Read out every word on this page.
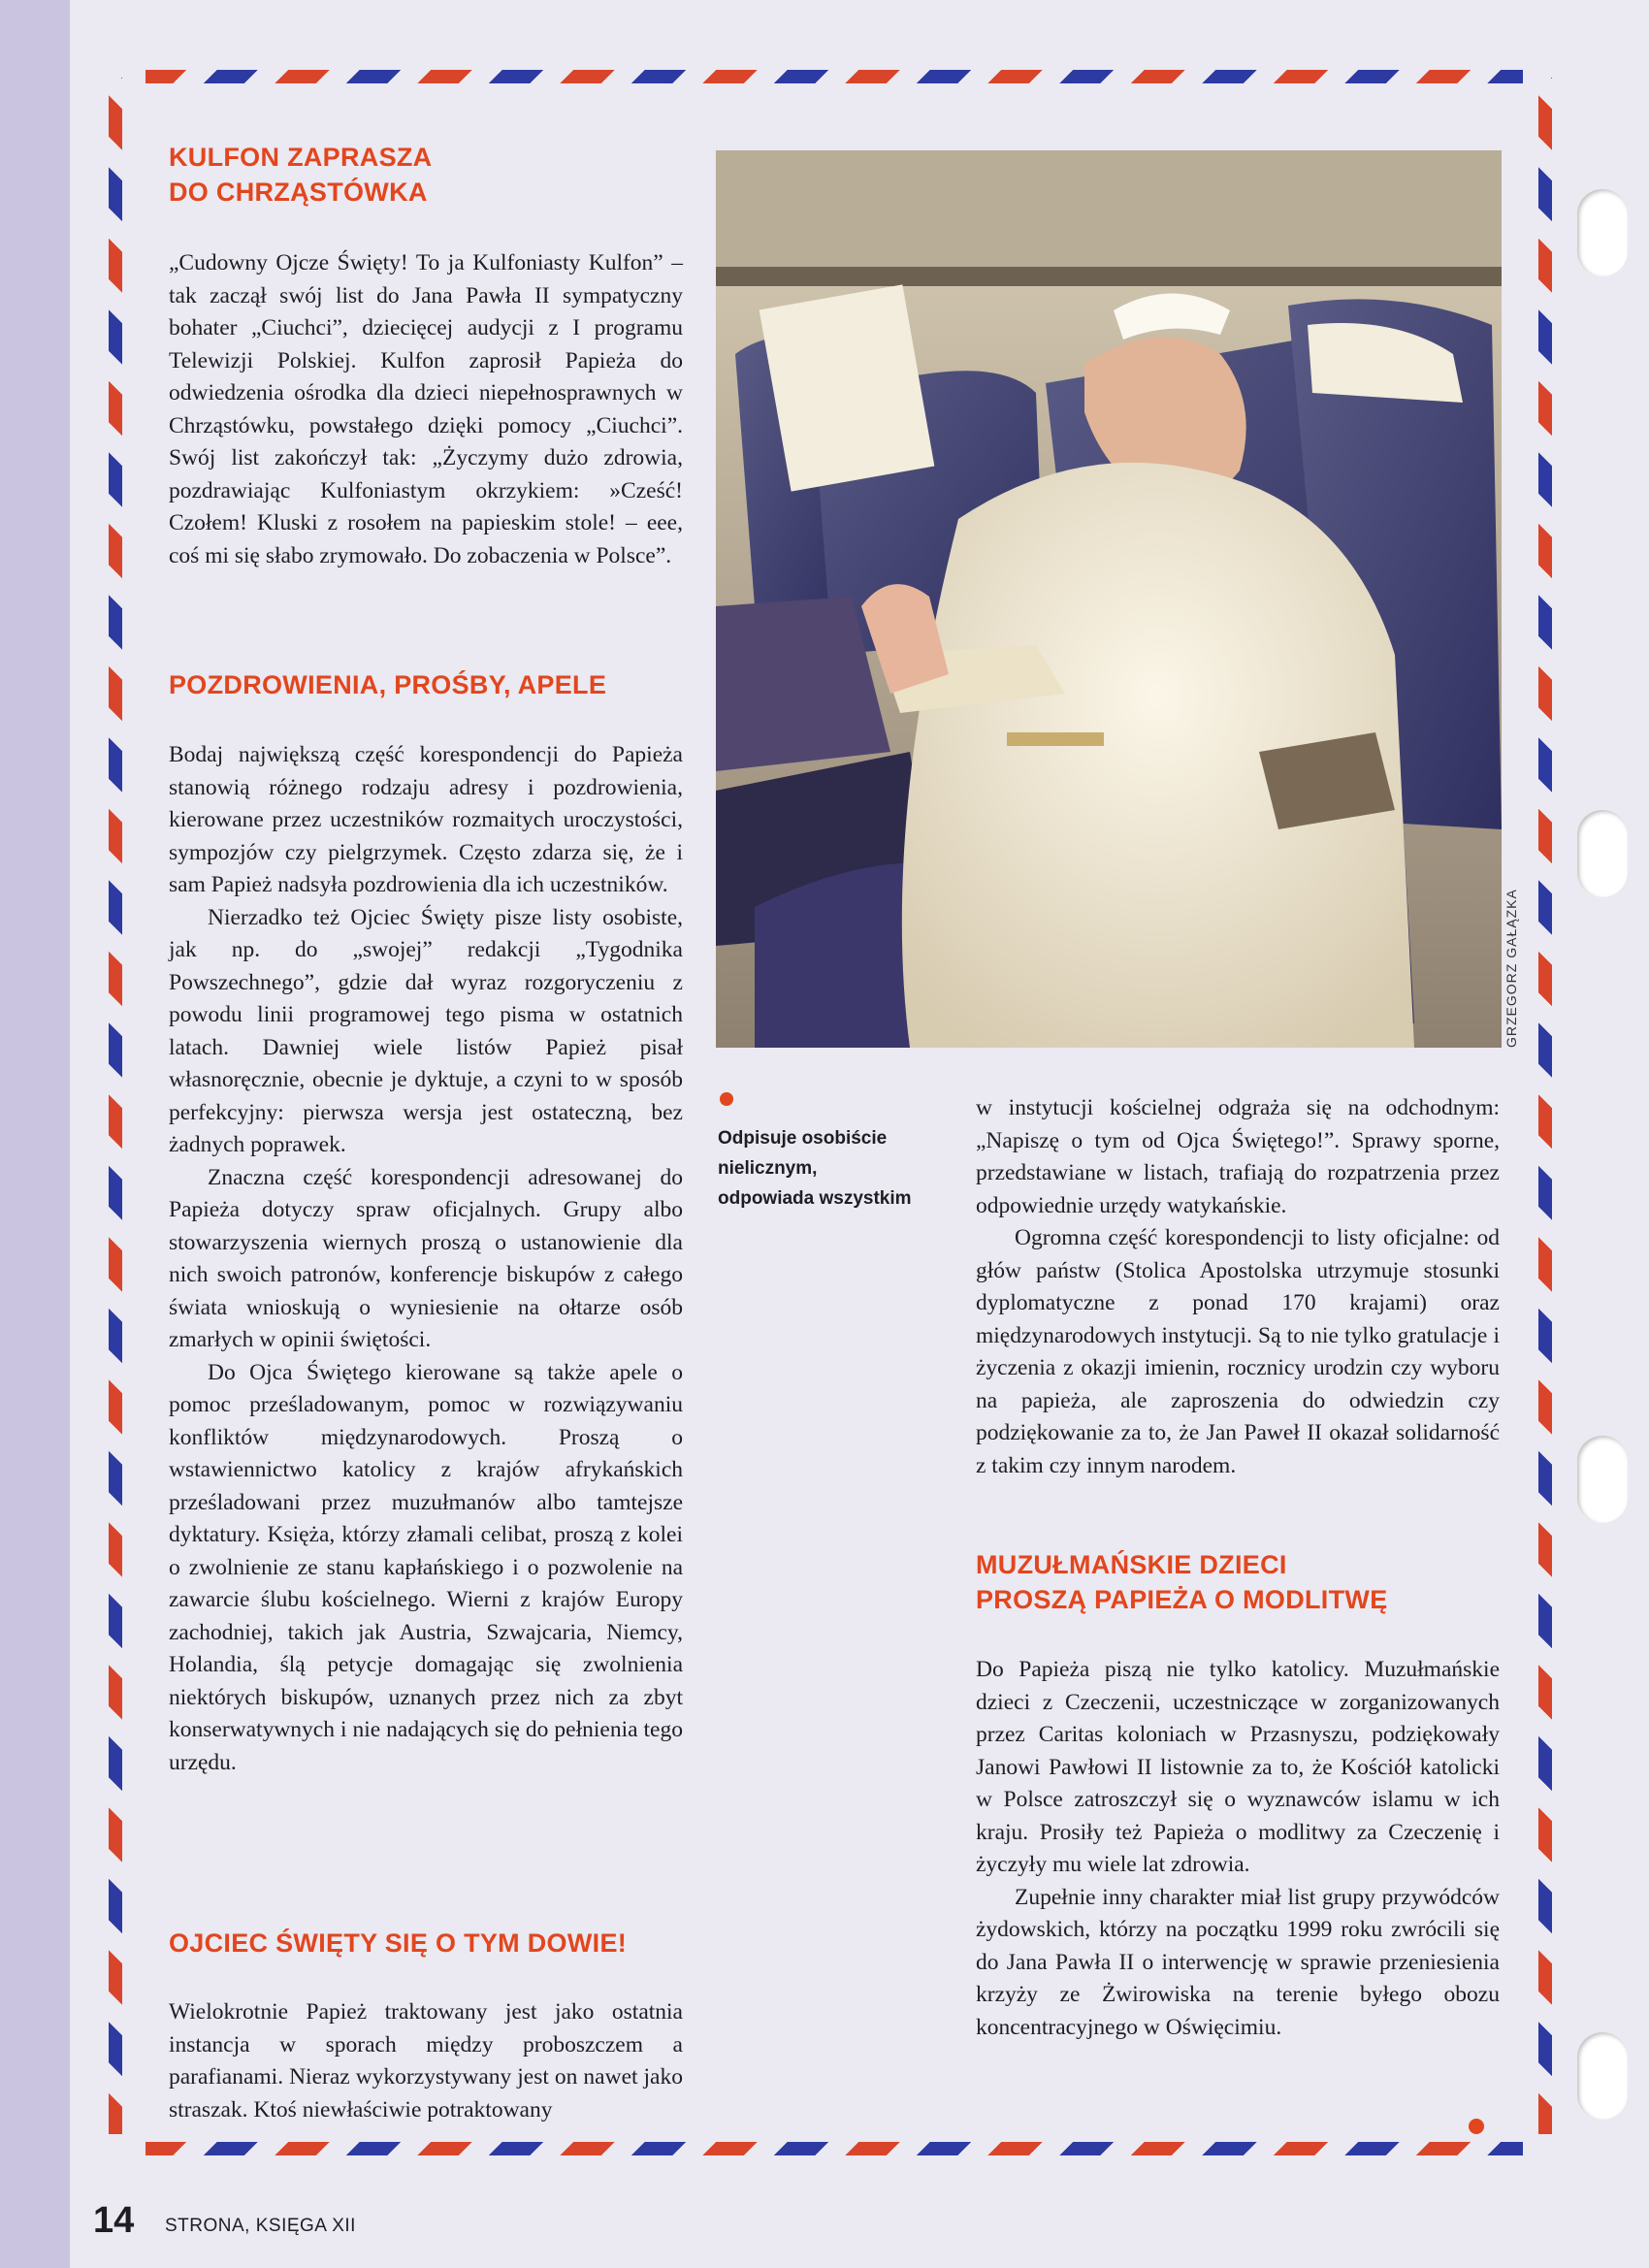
KULFON ZAPRASZA
DO CHRZĄSTÓWKA

„Cudowny Ojcze Święty! To ja Kulfoniasty Kulfon” – tak zaczął swój list do Jana Pawła II sympatyczny bohater „Ciuchci”, dziecięcej audycji z I programu Telewizji Polskiej. Kulfon zaprosił Papieża do odwiedzenia ośrodka dla dzieci niepełnosprawnych w Chrząstówku, powstałego dzięki pomocy „Ciuchci”. Swój list zakończył tak: „Życzymy dużo zdrowia, pozdrawiając Kulfoniastym okrzykiem: »Cześć! Czołem! Kluski z rosołem na papieskim stole! – eee, coś mi się słabo zrymowało. Do zobaczenia w Polsce”.

POZDROWIENIA, PROŚBY, APELE

Bodaj największą część korespondencji do Papieża stanowią różnego rodzaju adresy i pozdrowienia, kierowane przez uczestników rozmaitych uroczystości, sympozjów czy pielgrzymek. Często zdarza się, że i sam Papież nadsyła pozdrowienia dla ich uczestników.

Nierzadko też Ojciec Święty pisze listy osobiste, jak np. do „swojej” redakcji „Tygodnika Powszechnego”, gdzie dał wyraz rozgoryczeniu z powodu linii programowej tego pisma w ostatnich latach. Dawniej wiele listów Papież pisał własnoręcznie, obecnie je dyktuje, a czyni to w sposób perfekcyjny: pierwsza wersja jest ostateczną, bez żadnych poprawek.

Znaczna część korespondencji adresowanej do Papieża dotyczy spraw oficjalnych. Grupy albo stowarzyszenia wiernych proszą o ustanowienie dla nich swoich patronów, konferencje biskupów z całego świata wnioskują o wyniesienie na ołtarze osób zmarłych w opinii świętości.

Do Ojca Świętego kierowane są także apele o pomoc prześladowanym, pomoc w rozwiązywaniu konfliktów międzynarodowych. Proszą o wstawiennictwo katolicy z krajów afrykańskich prześladowani przez muzułmanów albo tamtejsze dyktatury. Księża, którzy złamali celibat, proszą z kolei o zwolnienie ze stanu kapłańskiego i o pozwolenie na zawarcie ślubu kościelnego. Wierni z krajów Europy zachodniej, takich jak Austria, Szwajcaria, Niemcy, Holandia, ślą petycje domagając się zwolnienia niektórych biskupów, uznanych przez nich za zbyt konserwatywnych i nie nadających się do pełnienia tego urzędu.

OJCIEC ŚWIĘTY SIĘ O TYM DOWIE!

Wielokrotnie Papież traktowany jest jako ostatnia instancja w sporach między proboszczem a parafianami. Nieraz wykorzystywany jest on nawet jako straszak. Ktoś niewłaściwie potraktowany

GRZEGORZ GAŁĄZKA
Odpisuje osobiście
nielicznym,
odpowiada wszystkim

w instytucji kościelnej odgraża się na odchodnym: „Napiszę o tym od Ojca Świętego!”. Sprawy sporne, przedstawiane w listach, trafiają do rozpatrzenia przez odpowiednie urzędy watykańskie.

Ogromna część korespondencji to listy oficjalne: od głów państw (Stolica Apostolska utrzymuje stosunki dyplomatyczne z ponad 170 krajami) oraz międzynarodowych instytucji. Są to nie tylko gratulacje i życzenia z okazji imienin, rocznicy urodzin czy wyboru na papieża, ale zaproszenia do odwiedzin czy podziękowanie za to, że Jan Paweł II okazał solidarność z takim czy innym narodem.

MUZUŁMAŃSKIE DZIECI
PROSZĄ PAPIEŻA O MODLITWĘ

Do Papieża piszą nie tylko katolicy. Muzułmańskie dzieci z Czeczenii, uczestniczące w zorganizowanych przez Caritas koloniach w Przasnyszu, podziękowały Janowi Pawłowi II listownie za to, że Kościół katolicki w Polsce zatroszczył się o wyznawców islamu w ich kraju. Prosiły też Papieża o modlitwy za Czeczenię i życzyły mu wiele lat zdrowia.

Zupełnie inny charakter miał list grupy przywódców żydowskich, którzy na początku 1999 roku zwrócili się do Jana Pawła II o interwencję w sprawie przeniesienia krzyży ze Żwirowiska na terenie byłego obozu koncentracyjnego w Oświęcimiu.

14 STRONA, KSIĘGA XII
